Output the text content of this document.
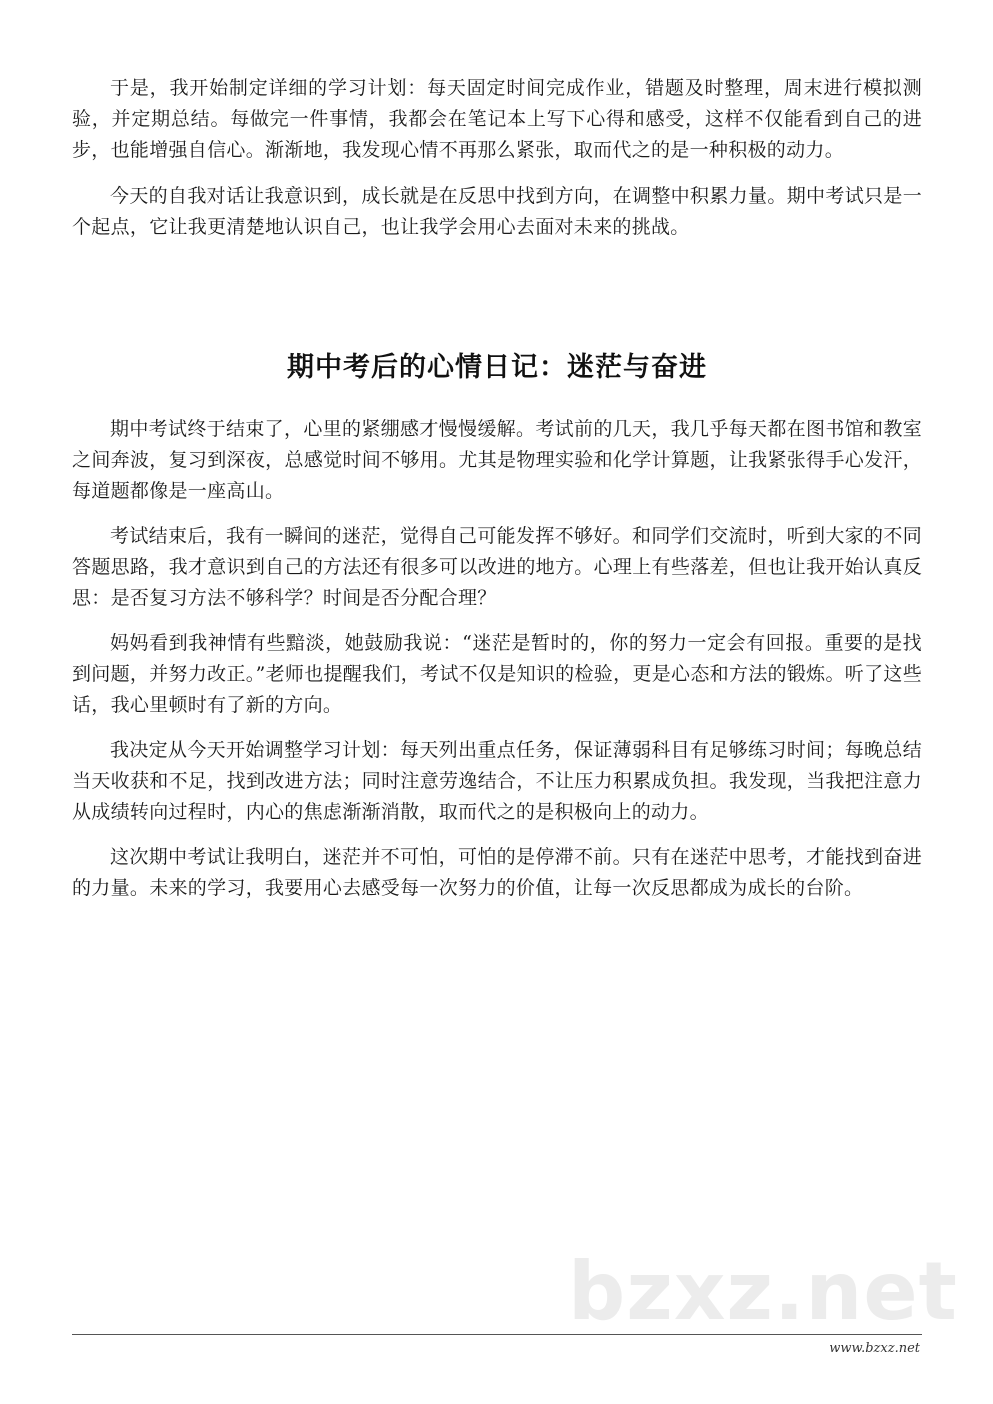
于是，我开始制定详细的学习计划：每天固定时间完成作业，错题及时整理，周末进行模拟测验，并定期总结。每做完一件事情，我都会在笔记本上写下心得和感受，这样不仅能看到自己的进步，也能增强自信心。渐渐地，我发现心情不再那么紧张，取而代之的是一种积极的动力。

今天的自我对话让我意识到，成长就是在反思中找到方向，在调整中积累力量。期中考试只是一个起点，它让我更清楚地认识自己，也让我学会用心去面对未来的挑战。

期中考后的心情日记：迷茫与奋进

期中考试终于结束了，心里的紧绷感才慢慢缓解。考试前的几天，我几乎每天都在图书馆和教室之间奔波，复习到深夜，总感觉时间不够用。尤其是物理实验和化学计算题，让我紧张得手心发汗，每道题都像是一座高山。

考试结束后，我有一瞬间的迷茫，觉得自己可能发挥不够好。和同学们交流时，听到大家的不同答题思路，我才意识到自己的方法还有很多可以改进的地方。心理上有些落差，但也让我开始认真反思：是否复习方法不够科学？时间是否分配合理？

妈妈看到我神情有些黯淡，她鼓励我说：“迷茫是暂时的，你的努力一定会有回报。重要的是找到问题，并努力改正。”老师也提醒我们，考试不仅是知识的检验，更是心态和方法的锻炼。听了这些话，我心里顿时有了新的方向。

我决定从今天开始调整学习计划：每天列出重点任务，保证薄弱科目有足够练习时间；每晚总结当天收获和不足，找到改进方法；同时注意劳逸结合，不让压力积累成负担。我发现，当我把注意力从成绩转向过程时，内心的焦虑渐渐消散，取而代之的是积极向上的动力。

这次期中考试让我明白，迷茫并不可怕，可怕的是停滞不前。只有在迷茫中思考，才能找到奋进的力量。未来的学习，我要用心去感受每一次努力的价值，让每一次反思都成为成长的台阶。

bzxz.net
www.bzxz.net
